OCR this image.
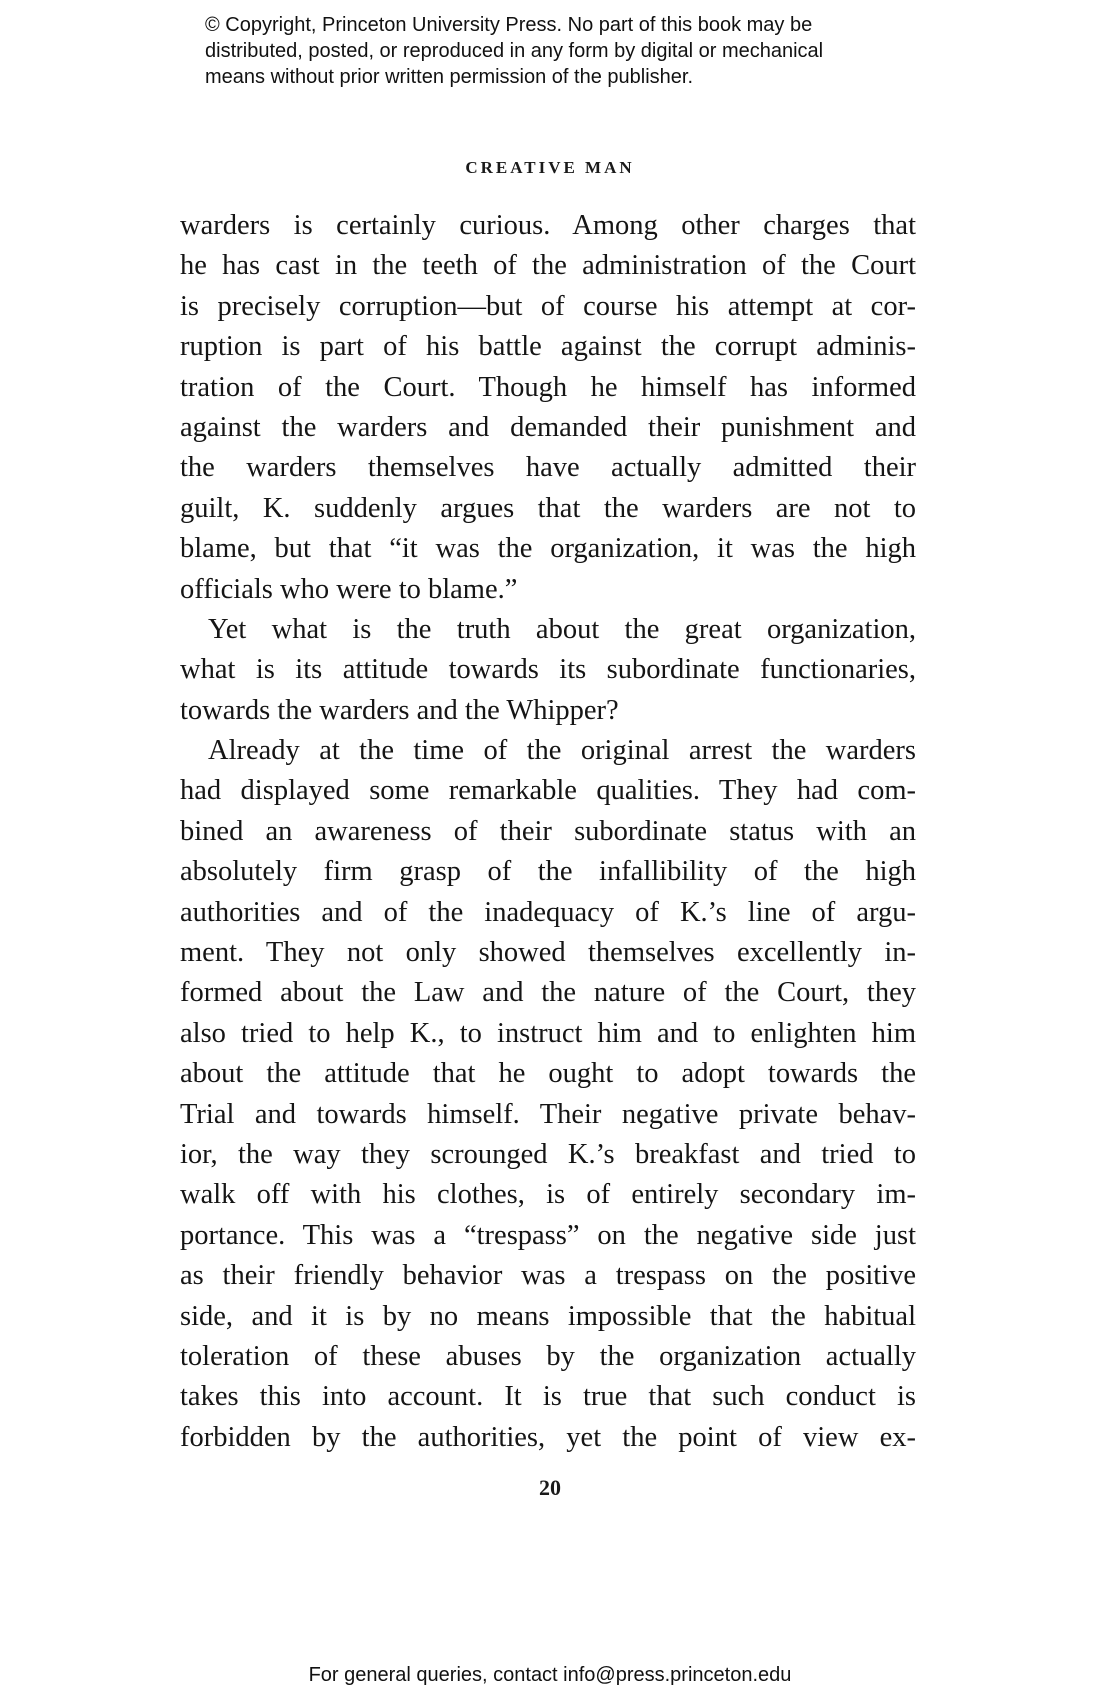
© Copyright, Princeton University Press. No part of this book may be
distributed, posted, or reproduced in any form by digital or mechanical
means without prior written permission of the publisher.
CREATIVE MAN
warders is certainly curious. Among other charges that
he has cast in the teeth of the administration of the Court
is precisely corruption—but of course his attempt at cor-
ruption is part of his battle against the corrupt adminis-
tration of the Court. Though he himself has informed
against the warders and demanded their punishment and
the warders themselves have actually admitted their
guilt, K. suddenly argues that the warders are not to
blame, but that “it was the organization, it was the high
officials who were to blame.”
Yet what is the truth about the great organization,
what is its attitude towards its subordinate functionaries,
towards the warders and the Whipper?
Already at the time of the original arrest the warders
had displayed some remarkable qualities. They had com-
bined an awareness of their subordinate status with an
absolutely firm grasp of the infallibility of the high
authorities and of the inadequacy of K.’s line of argu-
ment. They not only showed themselves excellently in-
formed about the Law and the nature of the Court, they
also tried to help K., to instruct him and to enlighten him
about the attitude that he ought to adopt towards the
Trial and towards himself. Their negative private behav-
ior, the way they scrounged K.’s breakfast and tried to
walk off with his clothes, is of entirely secondary im-
portance. This was a “trespass” on the negative side just
as their friendly behavior was a trespass on the positive
side, and it is by no means impossible that the habitual
toleration of these abuses by the organization actually
takes this into account. It is true that such conduct is
forbidden by the authorities, yet the point of view ex-
20
For general queries, contact info@press.princeton.edu
